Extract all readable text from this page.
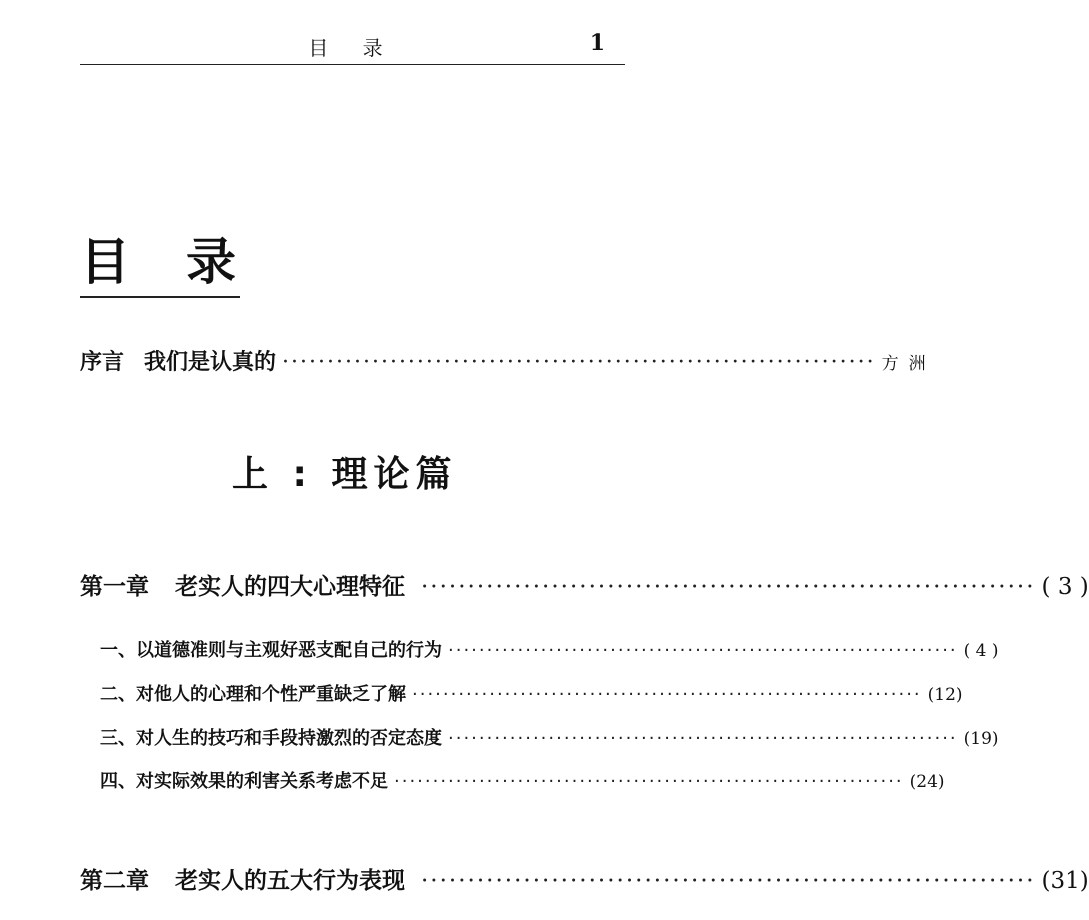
目 录	1
目 录
序言 我们是认真的 ·································································· 方洲
上 : 理论篇
第一章 老实人的四大心理特征 ·································································· ( 3 )
一、以道德准则与主观好恶支配自己的行为 ·································································· ( 4 )
二、对他人的心理和个性严重缺乏了解 ·································································· (12)
三、对人生的技巧和手段持激烈的否定态度 ·································································· (19)
四、对实际效果的利害关系考虑不足 ·································································· (24)
第二章 老实人的五大行为表现 ·································································· (31)
